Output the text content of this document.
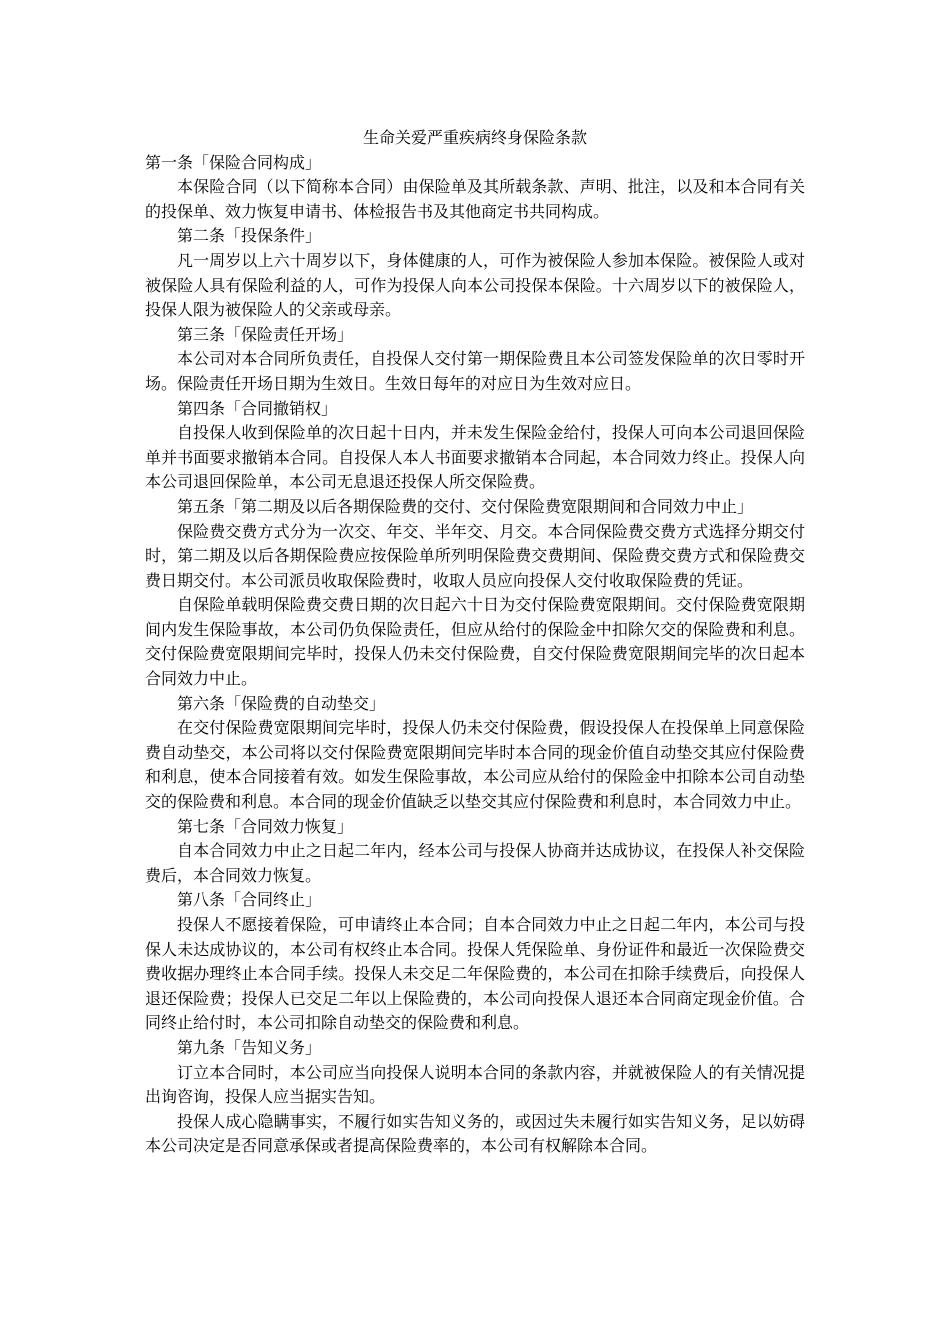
生命关爱严重疾病终身保险条款

第一条「保险合同构成」

本保险合同（以下简称本合同）由保险单及其所载条款、声明、批注，以及和本合同有关的投保单、效力恢复申请书、体检报告书及其他商定书共同构成。

第二条「投保条件」

凡一周岁以上六十周岁以下，身体健康的人，可作为被保险人参加本保险。被保险人或对被保险人具有保险利益的人，可作为投保人向本公司投保本保险。十六周岁以下的被保险人，投保人限为被保险人的父亲或母亲。

第三条「保险责任开场」

本公司对本合同所负责任，自投保人交付第一期保险费且本公司签发保险单的次日零时开场。保险责任开场日期为生效日。生效日每年的对应日为生效对应日。

第四条「合同撤销权」

自投保人收到保险单的次日起十日内，并未发生保险金给付，投保人可向本公司退回保险单并书面要求撤销本合同。自投保人本人书面要求撤销本合同起，本合同效力终止。投保人向本公司退回保险单，本公司无息退还投保人所交保险费。

第五条「第二期及以后各期保险费的交付、交付保险费宽限期间和合同效力中止」

保险费交费方式分为一次交、年交、半年交、月交。本合同保险费交费方式选择分期交付时，第二期及以后各期保险费应按保险单所列明保险费交费期间、保险费交费方式和保险费交费日期交付。本公司派员收取保险费时，收取人员应向投保人交付收取保险费的凭证。

自保险单载明保险费交费日期的次日起六十日为交付保险费宽限期间。交付保险费宽限期间内发生保险事故，本公司仍负保险责任，但应从给付的保险金中扣除欠交的保险费和利息。交付保险费宽限期间完毕时，投保人仍未交付保险费，自交付保险费宽限期间完毕的次日起本合同效力中止。

第六条「保险费的自动垫交」

在交付保险费宽限期间完毕时，投保人仍未交付保险费，假设投保人在投保单上同意保险费自动垫交，本公司将以交付保险费宽限期间完毕时本合同的现金价值自动垫交其应付保险费和利息，使本合同接着有效。如发生保险事故，本公司应从给付的保险金中扣除本公司自动垫交的保险费和利息。本合同的现金价值缺乏以垫交其应付保险费和利息时，本合同效力中止。

第七条「合同效力恢复」

自本合同效力中止之日起二年内，经本公司与投保人协商并达成协议，在投保人补交保险费后，本合同效力恢复。

第八条「合同终止」

投保人不愿接着保险，可申请终止本合同；自本合同效力中止之日起二年内，本公司与投保人未达成协议的，本公司有权终止本合同。投保人凭保险单、身份证件和最近一次保险费交费收据办理终止本合同手续。投保人未交足二年保险费的，本公司在扣除手续费后，向投保人退还保险费；投保人已交足二年以上保险费的，本公司向投保人退还本合同商定现金价值。合同终止给付时，本公司扣除自动垫交的保险费和利息。

第九条「告知义务」

订立本合同时，本公司应当向投保人说明本合同的条款内容，并就被保险人的有关情况提出询咨询，投保人应当据实告知。

投保人成心隐瞒事实，不履行如实告知义务的，或因过失未履行如实告知义务，足以妨碍本公司决定是否同意承保或者提高保险费率的，本公司有权解除本合同。
